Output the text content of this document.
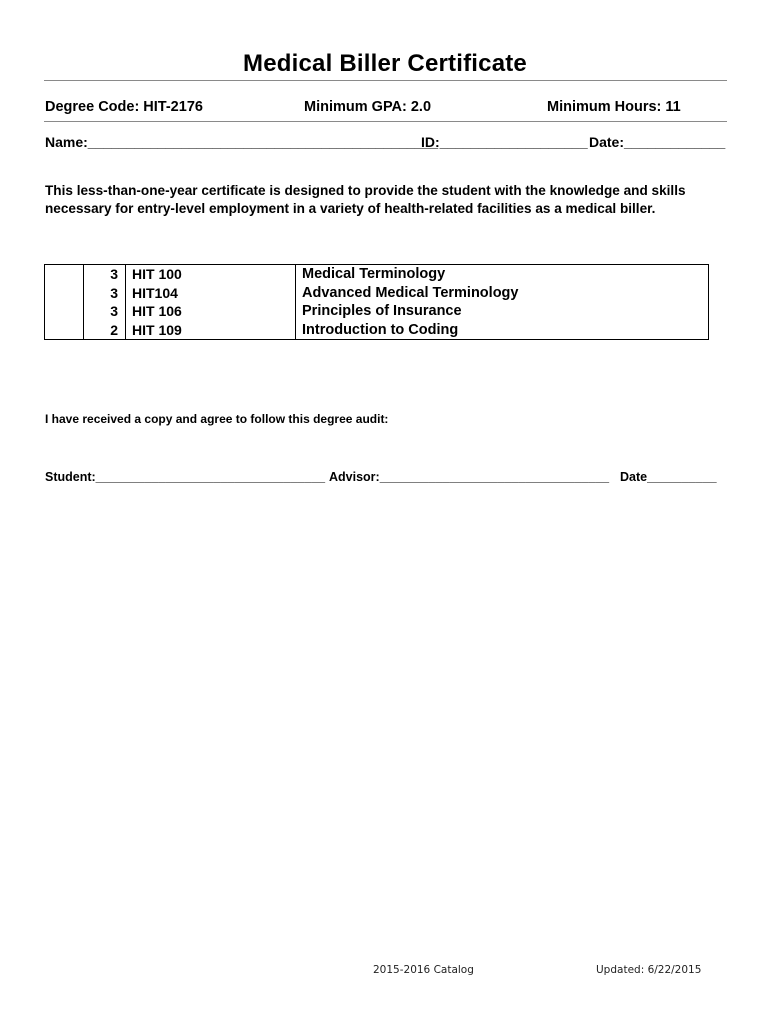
Medical Biller Certificate
Degree Code: HIT-2176	Minimum GPA: 2.0	Minimum Hours: 11
Name:_____________________________________________
ID:___________________ Date:_____________
This less-than-one-year certificate is designed to provide the student with the knowledge and skills necessary for entry-level employment in a variety of health-related facilities as a medical biller.
	3	HIT 100	Medical Terminology
	3	HIT104	Advanced Medical Terminology
	3	HIT 106	Principles of Insurance
	2	HIT 109	Introduction to Coding
I have received a copy and agree to follow this degree audit:
Student:_________________________________ Advisor:_________________________________ Date__________
2015-2016 Catalog	Updated: 6/22/2015
